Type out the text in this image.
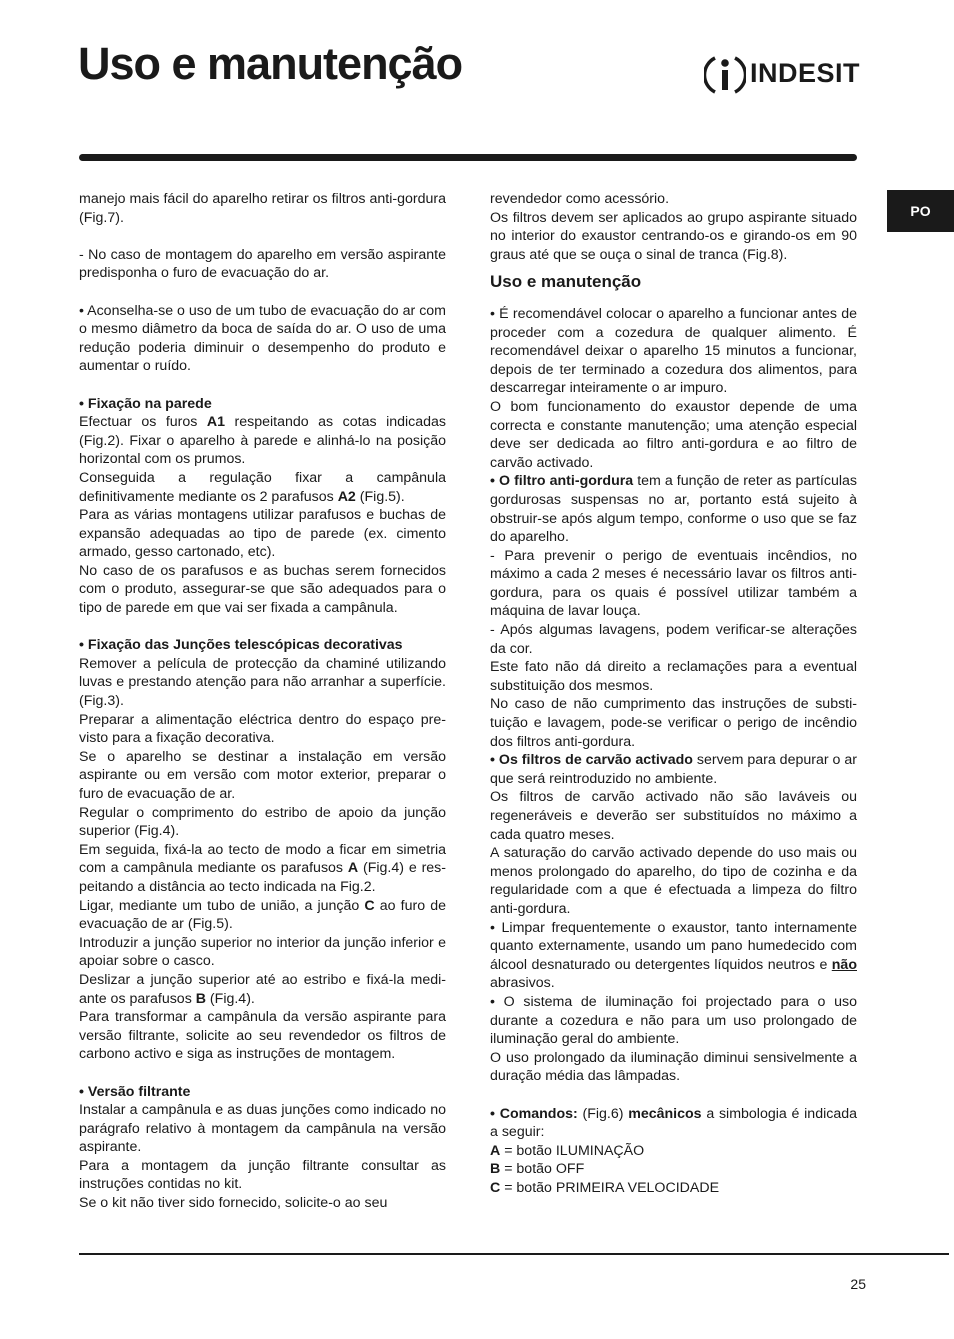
Uso e manutenção	INDESIT
PO

manejo mais fácil do aparelho retirar os filtros anti-gordura (Fig.7).

- No caso de montagem do aparelho em versão aspirante predisponha o furo de evacuação do ar.

• Aconselha-se o uso de um tubo de evacuação do ar com o mesmo diâmetro da boca de saída do ar. O uso de uma redução poderia diminuir o desempenho do produto e aumentar o ruído.

• Fixação na parede

Efectuar os furos A1 respeitando as cotas indicadas (Fig.2). Fixar o aparelho à parede e alinhá-lo na posição horizontal com os prumos.

Conseguida a regulação fixar a campânula definitivamente mediante os 2 parafusos A2 (Fig.5).

Para as várias montagens utilizar parafusos e buchas de expansão adequadas ao tipo de parede (ex. cimento armado, gesso cartonado, etc).

No caso de os parafusos e as buchas serem fornecidos com o produto, assegurar-se que são adequados para o tipo de parede em que vai ser fixada a campânula.

• Fixação das Junções telescópicas decorativas

Remover a película de protecção da chaminé utilizando luvas e prestando atenção para não arranhar a superfície. (Fig.3).

Preparar a alimentação eléctrica dentro do espaço pre-visto para a fixação decorativa.

Se o aparelho se destinar a instalação em versão aspirante ou em versão com motor exterior, preparar o furo de evacuação de ar.

Regular o comprimento do estribo de apoio da junção superior (Fig.4).

Em seguida, fixá-la ao tecto de modo a ficar em simetria com a campânula mediante os parafusos A (Fig.4) e res-peitando a distância ao tecto indicada na Fig.2.

Ligar, mediante um tubo de união, a junção C ao furo de evacuação de ar (Fig.5).

Introduzir a junção superior no interior da junção inferior e apoiar sobre o casco.

Deslizar a junção superior até ao estribo e fixá-la medi-ante os parafusos B (Fig.4).

Para transformar a campânula da versão aspirante para versão filtrante, solicite ao seu revendedor os filtros de carbono activo e siga as instruções de montagem.

• Versão filtrante

Instalar a campânula e as duas junções como indicado no parágrafo relativo à montagem da campânula na versão aspirante.

Para a montagem da junção filtrante consultar as instruções contidas no kit.

Se o kit não tiver sido fornecido, solicite-o ao seu

revendedor como acessório.

Os filtros devem ser aplicados ao grupo aspirante situado no interior do exaustor centrando-os e girando-os em 90 graus até que se ouça o sinal de tranca (Fig.8).

Uso e manutenção

• É recomendável colocar o aparelho a funcionar antes de proceder com a cozedura de qualquer alimento. É recomendável deixar o aparelho 15 minutos a funcionar, depois de ter terminado a cozedura dos alimentos, para descarregar inteiramente o ar impuro.

O bom funcionamento do exaustor depende de uma correcta e constante manutenção; uma atenção especial deve ser dedicada ao filtro anti-gordura e ao filtro de carvão activado.

• O filtro anti-gordura tem a função de reter as partículas gordurosas suspensas no ar, portanto está sujeito à obstruir-se após algum tempo, conforme o uso que se faz do aparelho.

- Para prevenir o perigo de eventuais incêndios, no máximo a cada 2 meses é necessário lavar os filtros anti-gordura, para os quais é possível utilizar também a máquina de lavar louça.

- Após algumas lavagens, podem verificar-se alterações da cor.

Este fato não dá direito a reclamações para a eventual substituição dos mesmos.

No caso de não cumprimento das instruções de substi-tuição e lavagem, pode-se verificar o perigo de incêndio dos filtros anti-gordura.

• Os filtros de carvão activado servem para depurar o ar que será reintroduzido no ambiente.

Os filtros de carvão activado não são laváveis ou regeneráveis e deverão ser substituídos no máximo a cada quatro meses.

A saturação do carvão activado depende do uso mais ou menos prolongado do aparelho, do tipo de cozinha e da regularidade com a que é efectuada a limpeza do filtro anti-gordura.

• Limpar frequentemente o exaustor, tanto internamente quanto externamente, usando um pano humedecido com álcool desnaturado ou detergentes líquidos neutros e não abrasivos.

• O sistema de iluminação foi projectado para o uso durante a cozedura e não para um uso prolongado de iluminação geral do ambiente.

O uso prolongado da iluminação diminui sensivelmente a duração média das lâmpadas.

• Comandos: (Fig.6) mecânicos a simbologia é indicada a seguir:

A = botão ILUMINAÇÃO

B = botão OFF

C = botão PRIMEIRA VELOCIDADE

25
